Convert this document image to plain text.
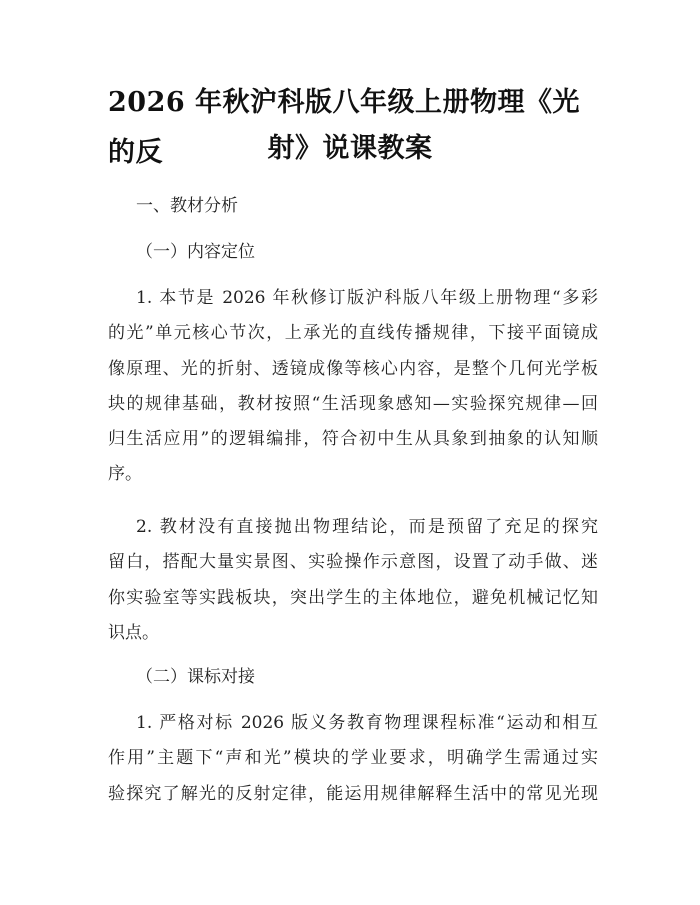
2026 年秋沪科版八年级上册物理《光的反	射》说课教案
一、教材分析
（一）内容定位
1. 本节是 2026 年秋修订版沪科版八年级上册物理“多彩
的光”单元核心节次，上承光的直线传播规律，下接平面镜成
像原理、光的折射、透镜成像等核心内容，是整个几何光学板
块的规律基础，教材按照“生活现象感知—实验探究规律—回
归生活应用”的逻辑编排，符合初中生从具象到抽象的认知顺
序。
2. 教材没有直接抛出物理结论，而是预留了充足的探究
留白，搭配大量实景图、实验操作示意图，设置了动手做、迷
你实验室等实践板块，突出学生的主体地位，避免机械记忆知
识点。
（二）课标对接
1. 严格对标 2026 版义务教育物理课程标准“运动和相互
作用”主题下“声和光”模块的学业要求，明确学生需通过实
验探究了解光的反射定律，能运用规律解释生活中的常见光现
